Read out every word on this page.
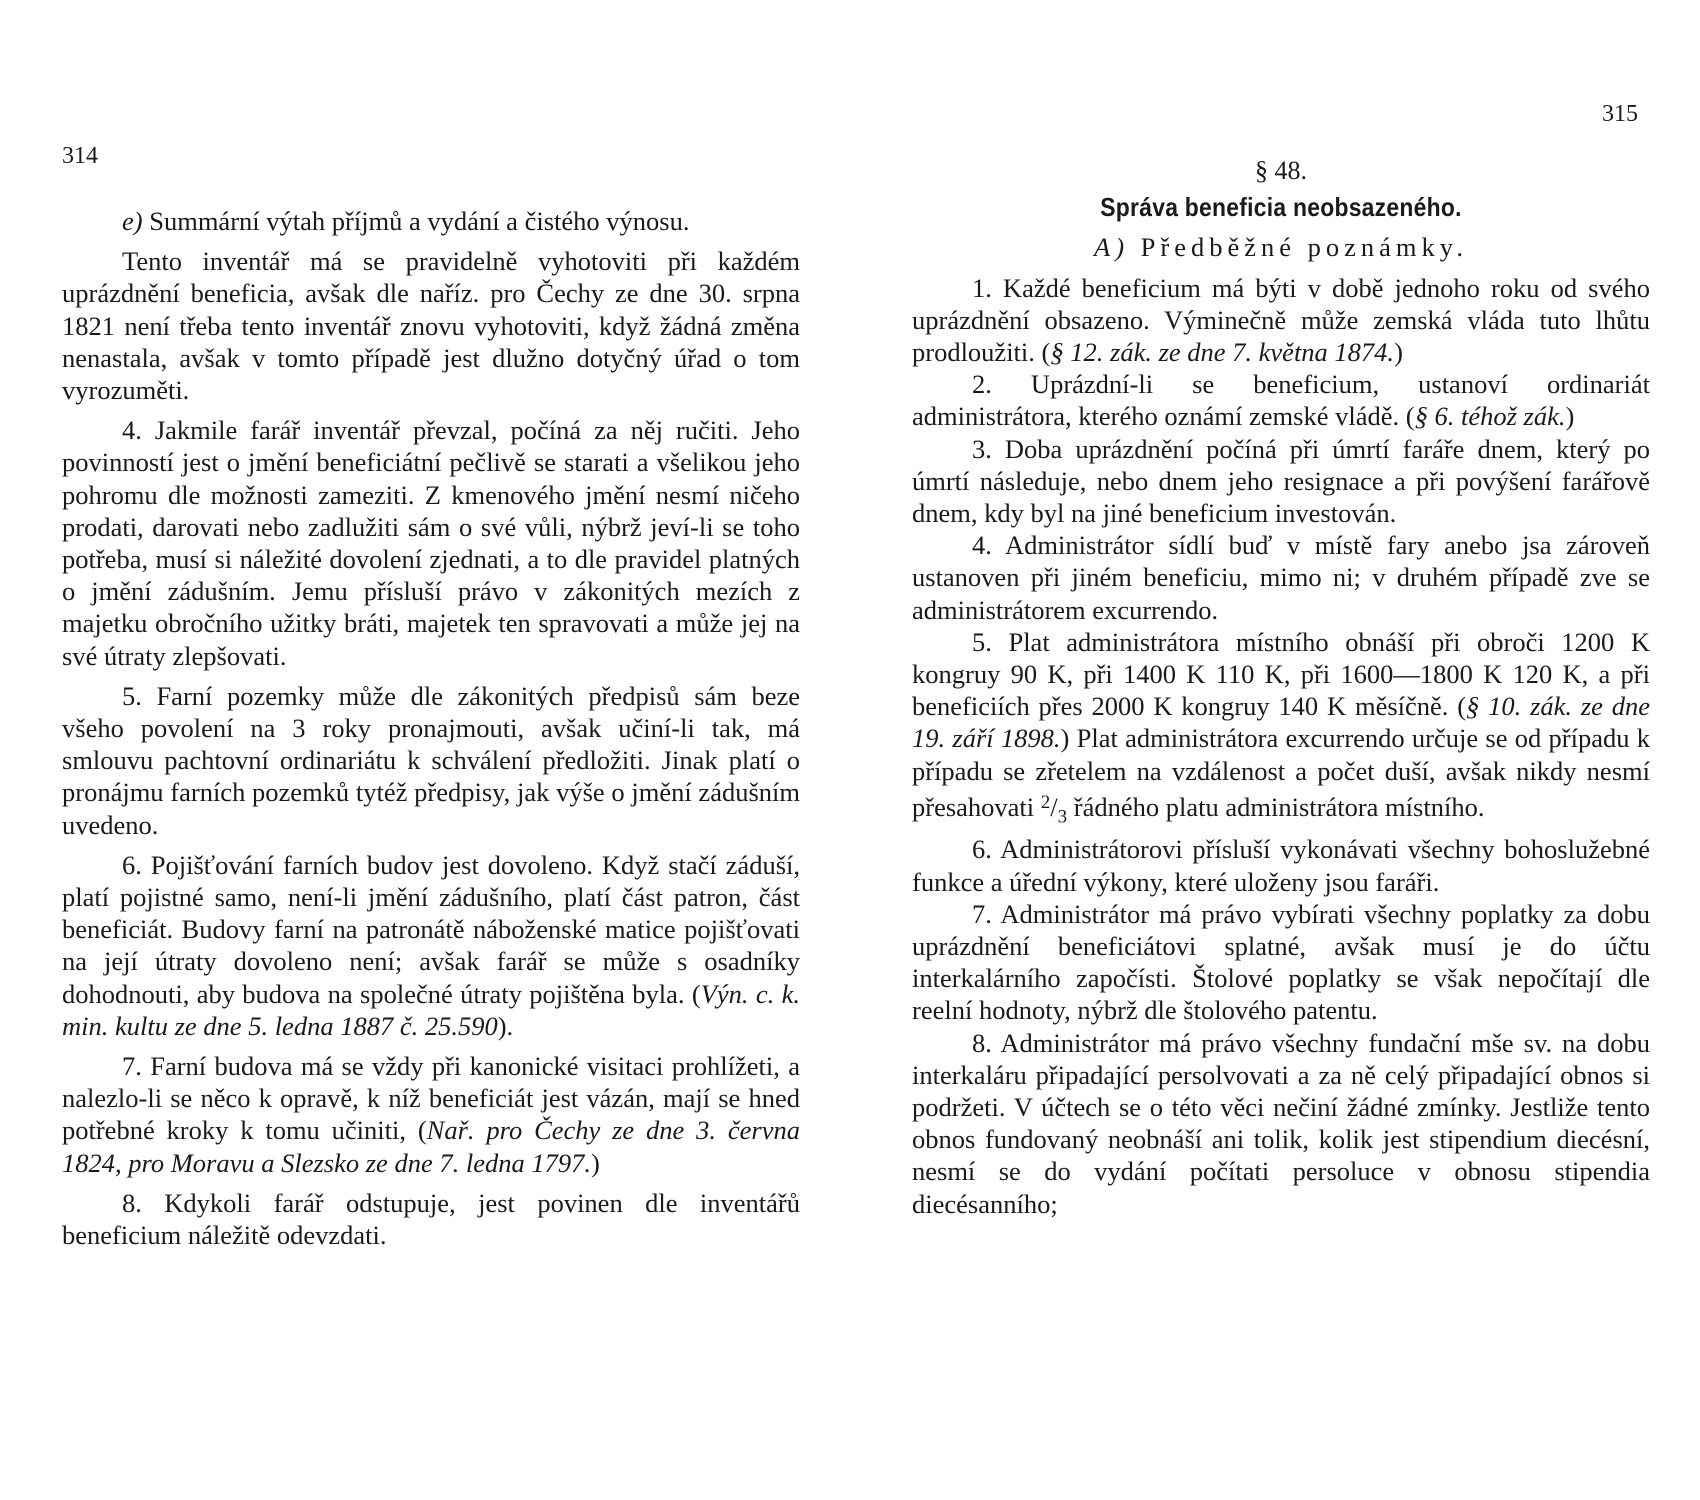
314

e) Summární výtah příjmů a vydání a čistého výnosu.

Tento inventář má se pravidelně vyhotoviti při každém uprázdnění beneficia, avšak dle naříz. pro Čechy ze dne 30. srpna 1821 není třeba tento inventář znovu vyhotoviti, když žádná změna nenastala, avšak v tomto případě jest dlužno dotyčný úřad o tom vyrozuměti.

4. Jakmile farář inventář převzal, počíná za něj ručiti. Jeho povinností jest o jmění beneficiátní pečlivě se starati a všelikou jeho pohromu dle možnosti zameziti. Z kmenového jmění nesmí ničeho prodati, darovati nebo zadlužiti sám o své vůli, nýbrž jeví-li se toho potřeba, musí si náležité dovolení zjednati, a to dle pravidel platných o jmění zádušním. Jemu přísluší právo v zákonitých mezích z majetku obročního užitky bráti, majetek ten spravovati a může jej na své útraty zlepšovati.

5. Farní pozemky může dle zákonitých předpisů sám beze všeho povolení na 3 roky pronajmouti, avšak učiní-li tak, má smlouvu pachtovní ordinariátu k schválení předložiti. Jinak platí o pronájmu farních pozemků tytéž předpisy, jak výše o jmění zádušním uvedeno.

6. Pojišťování farních budov jest dovoleno. Když stačí záduší, platí pojistné samo, není-li jmění zádušního, platí část patron, část beneficiát. Budovy farní na patronátě náboženské matice pojišťovati na její útraty dovoleno není; avšak farář se může s osadníky dohodnouti, aby budova na společné útraty pojištěna byla. (Výn. c. k. min. kultu ze dne 5. ledna 1887 č. 25.590).

7. Farní budova má se vždy při kanonické visitaci prohlížeti, a nalezlo-li se něco k opravě, k níž beneficiát jest vázán, mají se hned potřebné kroky k tomu učiniti, (Nař. pro Čechy ze dne 3. června 1824, pro Moravu a Slezsko ze dne 7. ledna 1797.)

8. Kdykoli farář odstupuje, jest povinen dle inventářů beneficium náležitě odevzdati.

315

§ 48.

Správa beneficia neobsazeného.

A) Předběžné poznámky.

1. Každé beneficium má býti v době jednoho roku od svého uprázdnění obsazeno. Výminečně může zemská vláda tuto lhůtu prodloužiti. (§ 12. zák. ze dne 7. května 1874.)

2. Uprázdní-li se beneficium, ustanoví ordinariát administrátora, kterého oznámí zemské vládě. (§ 6. téhož zák.)

3. Doba uprázdnění počíná při úmrtí faráře dnem, který po úmrtí následuje, nebo dnem jeho resignace a při povýšení farářově dnem, kdy byl na jiné beneficium investován.

4. Administrátor sídlí buď v místě fary anebo jsa zároveň ustanoven při jiném beneficiu, mimo ni; v druhém případě zve se administrátorem excurrendo.

5. Plat administrátora místního obnáší při obroči 1200 K kongruy 90 K, při 1400 K 110 K, při 1600—1800 K 120 K, a při beneficiích přes 2000 K kongruy 140 K měsíčně. (§ 10. zák. ze dne 19. září 1898.) Plat administrátora excurrendo určuje se od případu k případu se zřetelem na vzdálenost a počet duší, avšak nikdy nesmí přesahovati $^2/_3$ řádného platu administrátora místního.

6. Administrátorovi přísluší vykonávati všechny bohoslužebné funkce a úřední výkony, které uloženy jsou faráři.

7. Administrátor má právo vybírati všechny poplatky za dobu uprázdnění beneficiátovi splatné, avšak musí je do účtu interkalárního započísti. Štolové poplatky se však nepočítají dle reelní hodnoty, nýbrž dle štolového patentu.

8. Administrátor má právo všechny fundační mše sv. na dobu interkaláru připadající persolvovati a za ně celý připadající obnos si podržeti. V účtech se o této věci nečiní žádné zmínky. Jestliže tento obnos fundovaný neobnáší ani tolik, kolik jest stipendium diecésní, nesmí se do vydání počítati persoluce v obnosu stipendia diecésanního;
